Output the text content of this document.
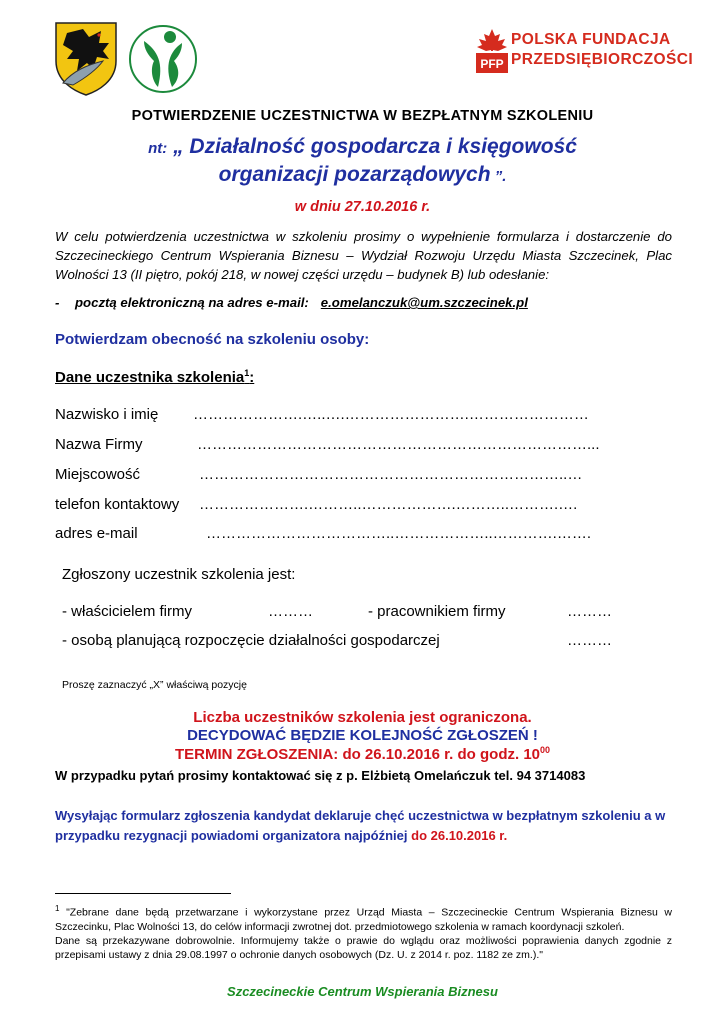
PFP
POLSKA FUNDACJA
PRZEDSIĘBIORCZOŚCI
POTWIERDZENIE UCZESTNICTWA W BEZPŁATNYM SZKOLENIU
nt: „ Działalność gospodarcza i księgowość
organizacji pozarządowych ”.
w dniu 27.10.2016 r.

W celu potwierdzenia uczestnictwa w szkoleniu prosimy o wypełnienie formularza i dostarczenie do Szczecineckiego Centrum Wspierania Biznesu – Wydział Rozwoju Urzędu Miasta Szczecinek, Plac Wolności 13 (II piętro, pokój 218, w nowej części urzędu – budynek B) lub odesłanie:

- pocztą elektroniczną na adres e-mail: e.omelanczuk@um.szczecinek.pl
Potwierdzam obecność na szkoleniu osoby:
Dane uczestnika szkolenia$^1$:
Nazwisko i imię ………………….…..….…………………….……………………
Nazwa Firmy	……………………………………………………………………...
Miejscowość	………………………………………………………………..…
telefon kontaktowy ………………….………..……………….………..……….….
adres e-mail	………………………………..………………..………….…….
Zgłoszony uczestnik szkolenia jest:
- właścicielem firmy	………	- pracownikiem firmy	………
- osobą planującą rozpoczęcie działalności gospodarczej	………
Proszę zaznaczyć „X” właściwą pozycję
Liczba uczestników szkolenia jest ograniczona.
DECYDOWAĆ BĘDZIE KOLEJNOŚĆ ZGŁOSZEŃ !
TERMIN ZGŁOSZENIA: do 26.10.2016 r. do godz. $10^{00}$
W przypadku pytań prosimy kontaktować się z p. Elżbietą Omelańczuk tel. 94 3714083
Wysyłając formularz zgłoszenia kandydat deklaruje chęć uczestnictwa w bezpłatnym szkoleniu a w przypadku rezygnacji powiadomi organizatora najpóźniej do 26.10.2016 r.

$^1$ "Zebrane dane będą przetwarzane i wykorzystane przez Urząd Miasta – Szczecineckie Centrum Wspierania Biznesu w Szczecinku, Plac Wolności 13, do celów informacji zwrotnej dot. przedmiotowego szkolenia w ramach koordynacji szkoleń.

Dane są przekazywane dobrowolnie. Informujemy także o prawie do wglądu oraz możliwości poprawienia danych zgodnie z przepisami ustawy z dnia 29.08.1997 o ochronie danych osobowych (Dz. U. z 2014 r. poz. 1182 ze zm.)."

Szczecineckie Centrum Wspierania Biznesu
